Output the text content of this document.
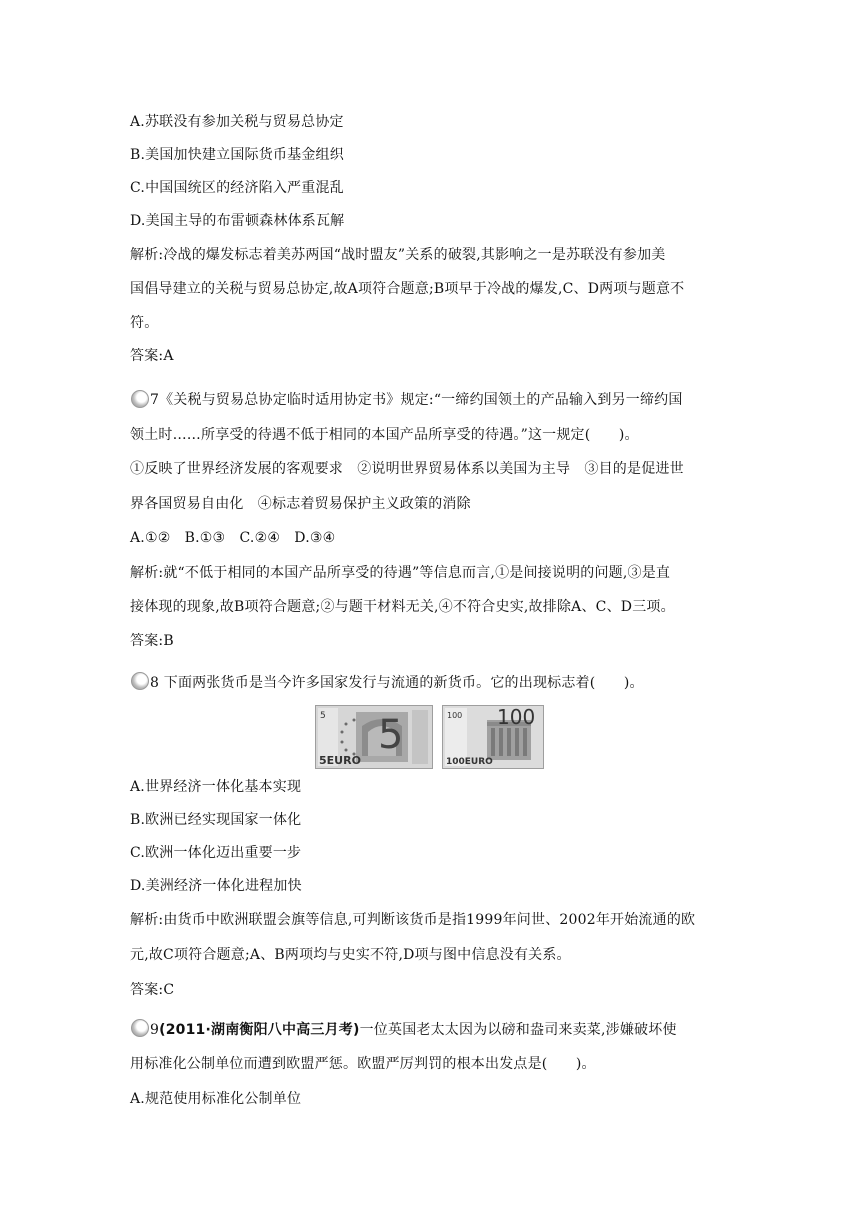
A.苏联没有参加关税与贸易总协定
B.美国加快建立国际货币基金组织
C.中国国统区的经济陷入严重混乱
D.美国主导的布雷顿森林体系瓦解
解析:冷战的爆发标志着美苏两国“战时盟友”关系的破裂,其影响之一是苏联没有参加美
国倡导建立的关税与贸易总协定,故A项符合题意;B项早于冷战的爆发,C、D两项与题意不
符。
答案:A
7《关税与贸易总协定临时适用协定书》规定:“一缔约国领土的产品输入到另一缔约国
领土时……所享受的待遇不低于相同的本国产品所享受的待遇。”这一规定(　　)。
①反映了世界经济发展的客观要求　②说明世界贸易体系以美国为主导　③目的是促进世
界各国贸易自由化　④标志着贸易保护主义政策的消除
A.①②　B.①③　C.②④　D.③④
解析:就“不低于相同的本国产品所享受的待遇”等信息而言,①是间接说明的问题,③是直
接体现的现象,故B项符合题意;②与题干材料无关,④不符合史实,故排除A、C、D三项。
答案:B
8 下面两张货币是当今许多国家发行与流通的新货币。它的出现标志着(　　)。
5 5
5EURO
100 100
100EURO
A.世界经济一体化基本实现
B.欧洲已经实现国家一体化
C.欧洲一体化迈出重要一步
D.美洲经济一体化进程加快
解析:由货币中欧洲联盟会旗等信息,可判断该货币是指1999年问世、2002年开始流通的欧
元,故C项符合题意;A、B两项均与史实不符,D项与图中信息没有关系。
答案:C
9(2011·湖南衡阳八中高三月考)一位英国老太太因为以磅和盎司来卖菜,涉嫌破坏使
用标准化公制单位而遭到欧盟严惩。欧盟严厉判罚的根本出发点是(　　)。
A.规范使用标准化公制单位
